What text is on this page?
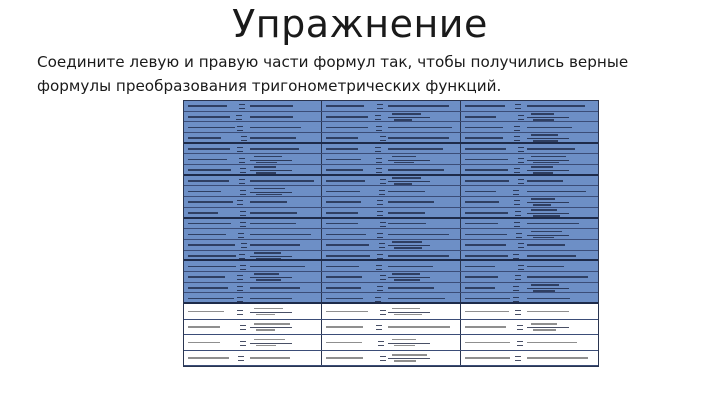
Упражнение
Соедините левую и правую части формул так, чтобы получились верные формулы преобразования тригонометрических функций.
